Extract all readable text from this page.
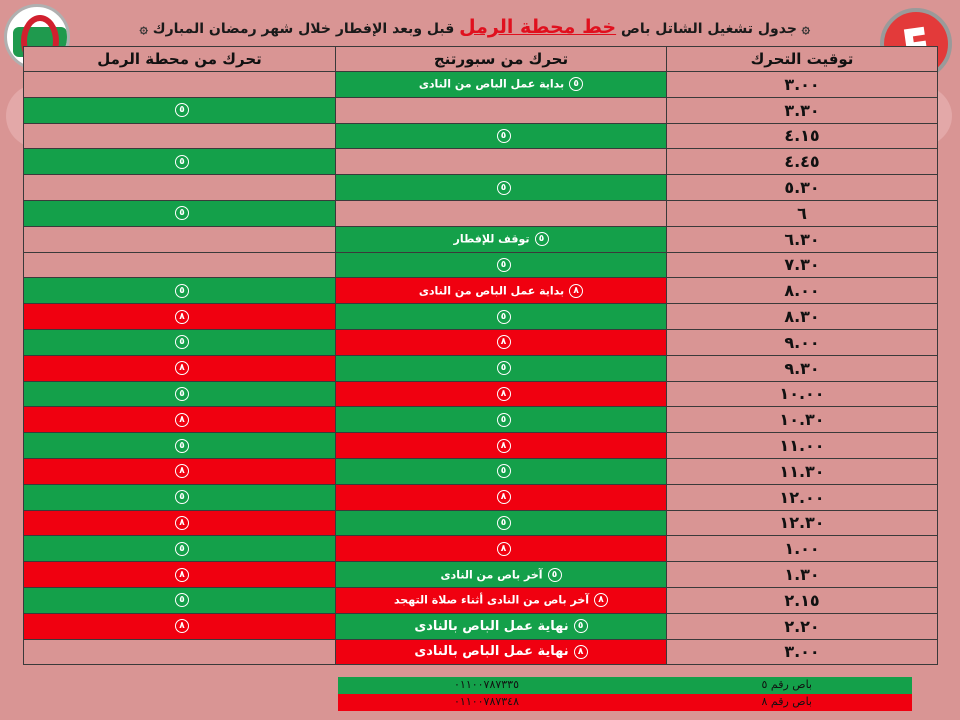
۞ جدول تشغيل الشاتل باص خط محطة الرمل قبل وبعد الإفطار خلال شهر رمضان المبارك ۞
توقيت التحرك	تحرك من سبورتنج	تحرك من محطة الرمل
٣.٠٠	٥بداية عمل الباص من النادى	
٣.٣٠		٥
٤.١٥	٥	
٤.٤٥		٥
٥.٣٠	٥	
٦		٥
٦.٣٠	٥توقف للإفطار	
٧.٣٠	٥	
٨.٠٠	٨بداية عمل الباص من النادى	٥
٨.٣٠	٥	٨
٩.٠٠	٨	٥
٩.٣٠	٥	٨
١٠.٠٠	٨	٥
١٠.٣٠	٥	٨
١١.٠٠	٨	٥
١١.٣٠	٥	٨
١٢.٠٠	٨	٥
١٢.٣٠	٥	٨
١.٠٠	٨	٥
١.٣٠	٥آخر باص من النادى	٨
٢.١٥	٨آخر باص من النادى أثناء صلاة التهجد	٥
٢.٢٠	٥نهاية عمل الباص بالنادى	٨
٣.٠٠	٨نهاية عمل الباص بالنادى	
باص رقم ٥
٠١١٠٠٧٨٧٣٣٥
باص رقم ٨
٠١١٠٠٧٨٧٣٤٨
